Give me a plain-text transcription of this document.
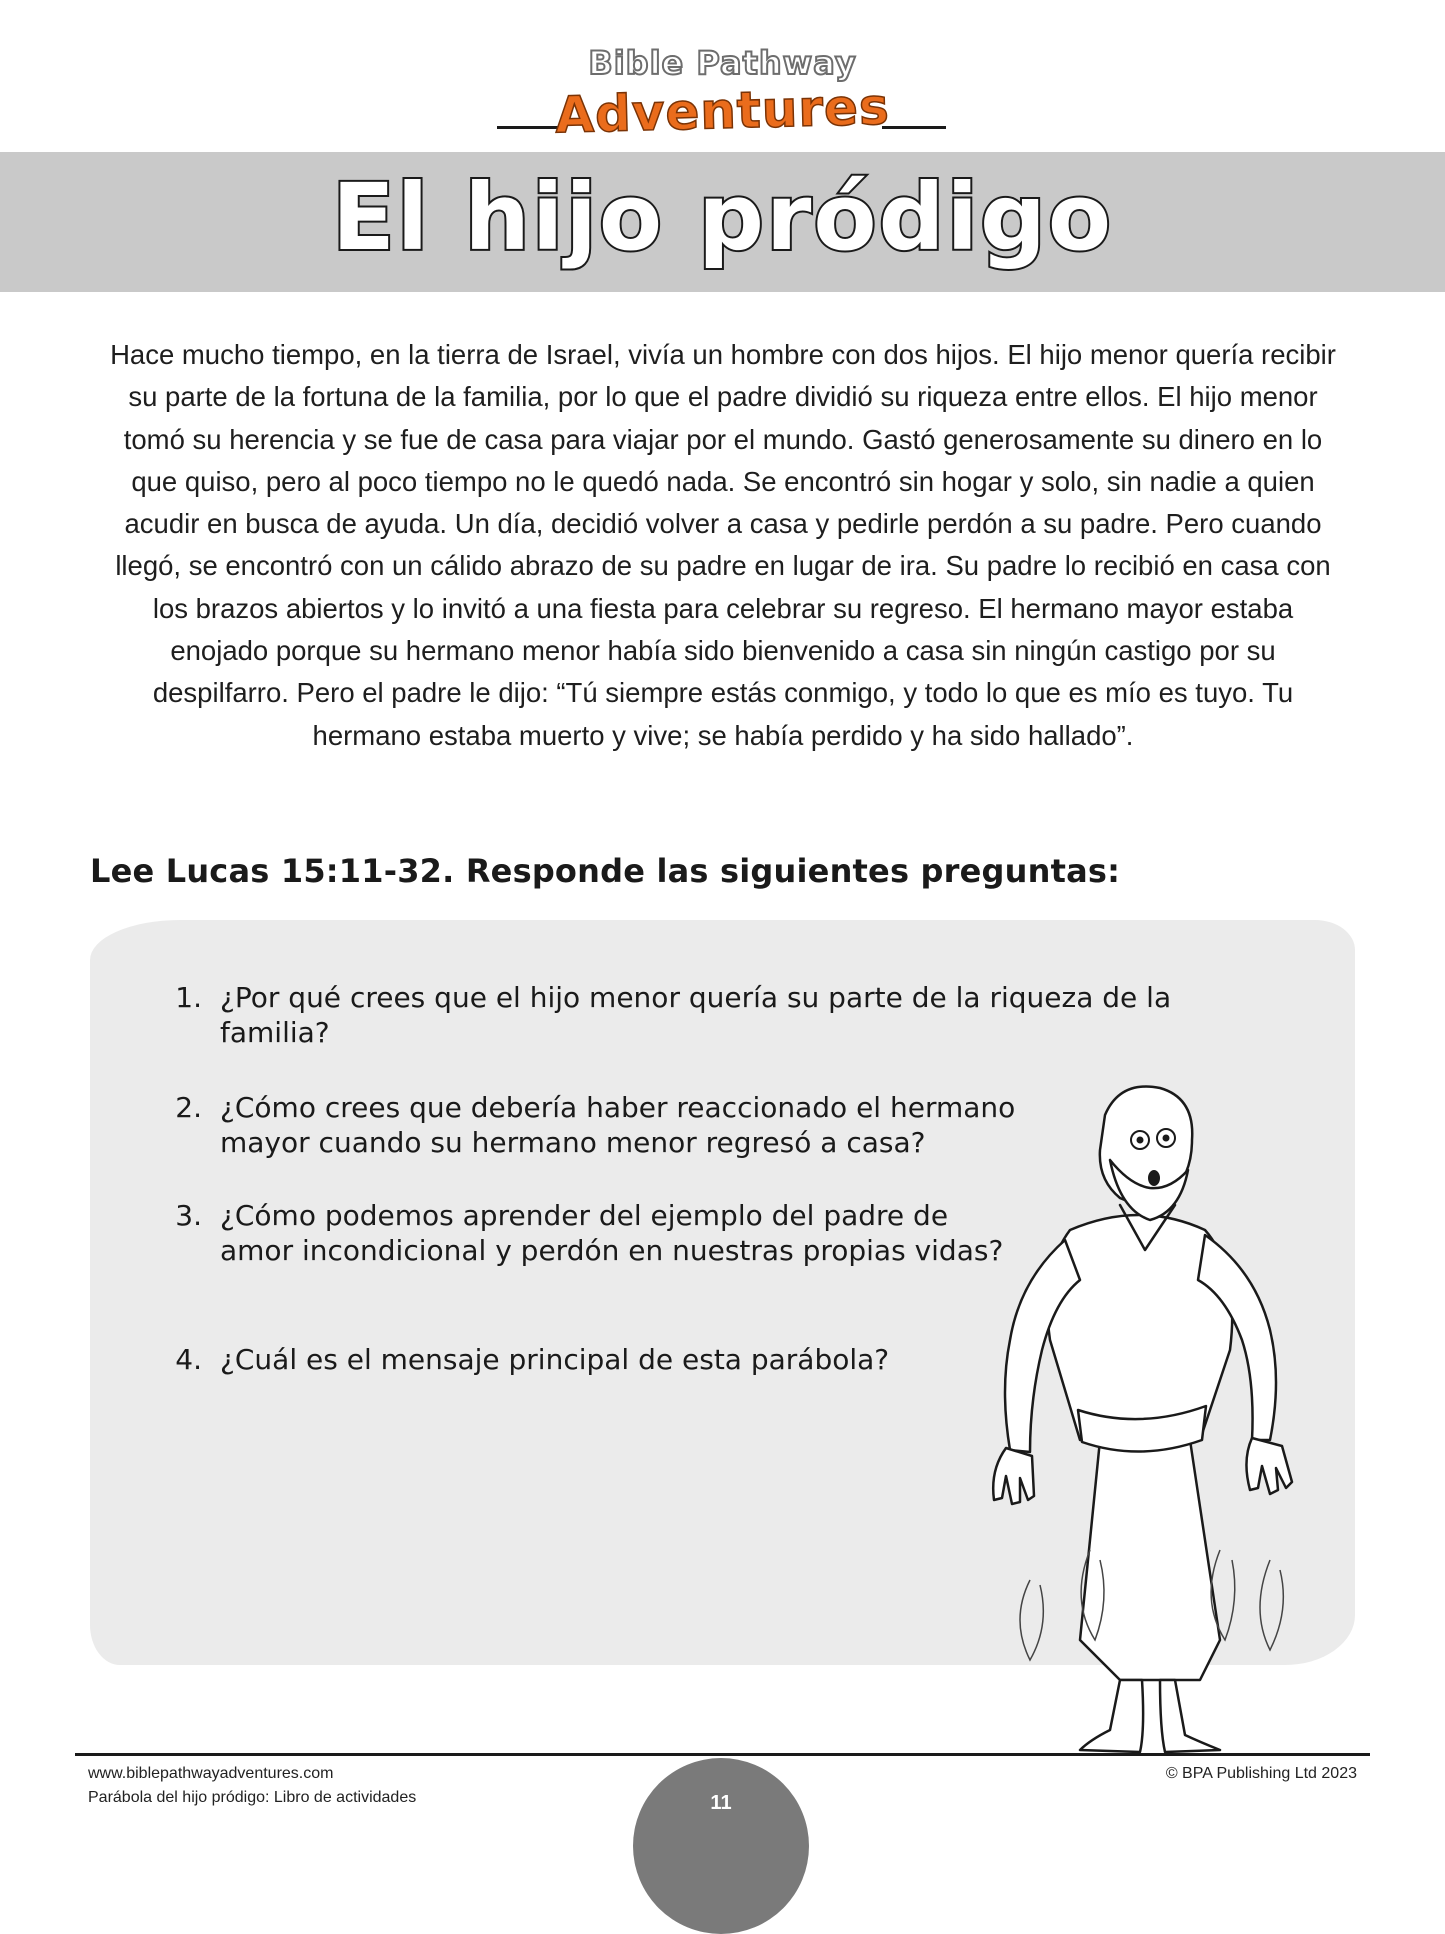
Bible Pathway
Adventures
El hijo pródigo

Hace mucho tiempo, en la tierra de Israel, vivía un hombre con dos hijos. El hijo menor quería recibir su parte de la fortuna de la familia, por lo que el padre dividió su riqueza entre ellos. El hijo menor tomó su herencia y se fue de casa para viajar por el mundo. Gastó generosamente su dinero en lo que quiso, pero al poco tiempo no le quedó nada. Se encontró sin hogar y solo, sin nadie a quien acudir en busca de ayuda. Un día, decidió volver a casa y pedirle perdón a su padre. Pero cuando llegó, se encontró con un cálido abrazo de su padre en lugar de ira. Su padre lo recibió en casa con los brazos abiertos y lo invitó a una fiesta para celebrar su regreso. El hermano mayor estaba enojado porque su hermano menor había sido bienvenido a casa sin ningún castigo por su despilfarro. Pero el padre le dijo: “Tú siempre estás conmigo, y todo lo que es mío es tuyo. Tu hermano estaba muerto y vive; se había perdido y ha sido hallado”.

Lee Lucas 15:11-32. Responde las siguientes preguntas:
1. ¿Por qué crees que el hijo menor quería su parte de la riqueza de la familia?
2. ¿Cómo crees que debería haber reaccionado el hermano mayor cuando su hermano menor regresó a casa?
3. ¿Cómo podemos aprender del ejemplo del padre de amor incondicional y perdón en nuestras propias vidas?
4. ¿Cuál es el mensaje principal de esta parábola?
www.biblepathwayadventures.com
Parábola del hijo pródigo: Libro de actividades
© BPA Publishing Ltd 2023
11
